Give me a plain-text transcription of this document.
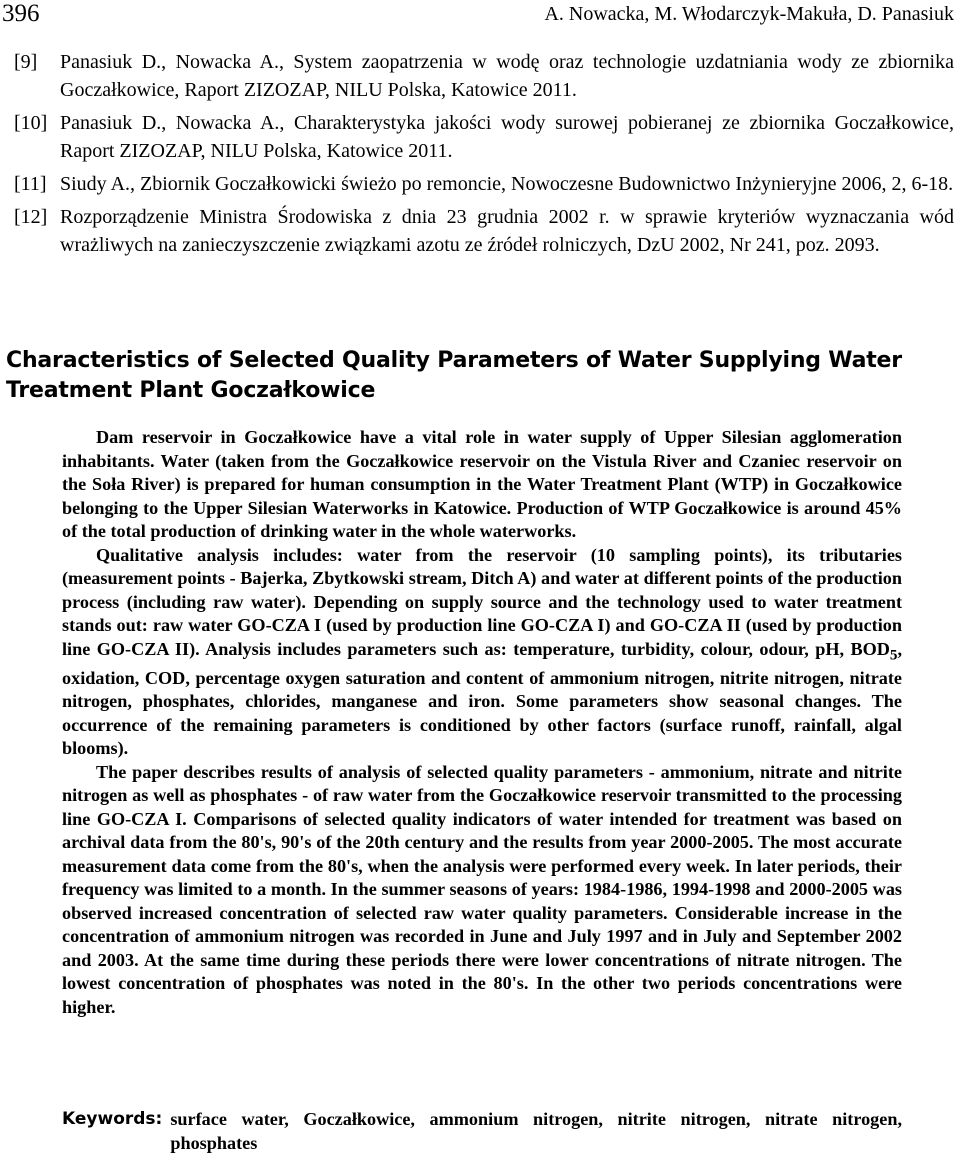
396	A. Nowacka, M. Włodarczyk-Makuła, D. Panasiuk
[9]	Panasiuk D., Nowacka A., System zaopatrzenia w wodę oraz technologie uzdatniania wody ze zbiornika Goczałkowice, Raport ZIZOZAP, NILU Polska, Katowice 2011.
[10] Panasiuk D., Nowacka A., Charakterystyka jakości wody surowej pobieranej ze zbiornika Goczałkowice, Raport ZIZOZAP, NILU Polska, Katowice 2011.
[11] Siudy A., Zbiornik Goczałkowicki świeżo po remoncie, Nowoczesne Budownictwo Inżynieryjne 2006, 2, 6-18.
[12] Rozporządzenie Ministra Środowiska z dnia 23 grudnia 2002 r. w sprawie kryteriów wyznaczania wód wrażliwych na zanieczyszczenie związkami azotu ze źródeł rolniczych, DzU 2002, Nr 241, poz. 2093.
Characteristics of Selected Quality Parameters of Water Supplying Water Treatment Plant Goczałkowice

Dam reservoir in Goczałkowice have a vital role in water supply of Upper Silesian agglomeration inhabitants. Water (taken from the Goczałkowice reservoir on the Vistula River and Czaniec reservoir on the Soła River) is prepared for human consumption in the Water Treatment Plant (WTP) in Goczałkowice belonging to the Upper Silesian Waterworks in Katowice. Production of WTP Goczałkowice is around 45% of the total production of drinking water in the whole waterworks.

Qualitative analysis includes: water from the reservoir (10 sampling points), its tributaries (measurement points - Bajerka, Zbytkowski stream, Ditch A) and water at different points of the production process (including raw water). Depending on supply source and the technology used to water treatment stands out: raw water GO-CZA I (used by production line GO-CZA I) and GO-CZA II (used by production line GO-CZA II). Analysis includes parameters such as: temperature, turbidity, colour, odour, pH, $BOD_5$, oxidation, COD, percentage oxygen saturation and content of ammonium nitrogen, nitrite nitrogen, nitrate nitrogen, phosphates, chlorides, manganese and iron. Some parameters show seasonal changes. The occurrence of the remaining parameters is conditioned by other factors (surface runoff, rainfall, algal blooms).

The paper describes results of analysis of selected quality parameters - ammonium, nitrate and nitrite nitrogen as well as phosphates - of raw water from the Goczałkowice reservoir transmitted to the processing line GO-CZA I. Comparisons of selected quality indicators of water intended for treatment was based on archival data from the 80's, 90's of the 20th century and the results from year 2000-2005. The most accurate measurement data come from the 80's, when the analysis were performed every week. In later periods, their frequency was limited to a month. In the summer seasons of years: 1984-1986, 1994-1998 and 2000-2005 was observed increased concentration of selected raw water quality parameters. Considerable increase in the concentration of ammonium nitrogen was recorded in June and July 1997 and in July and September 2002 and 2003. At the same time during these periods there were lower concentrations of nitrate nitrogen. The lowest concentration of phosphates was noted in the 80's. In the other two periods concentrations were higher.

Keywords: surface water, Goczałkowice, ammonium nitrogen, nitrite nitrogen, nitrate nitrogen, phosphates
